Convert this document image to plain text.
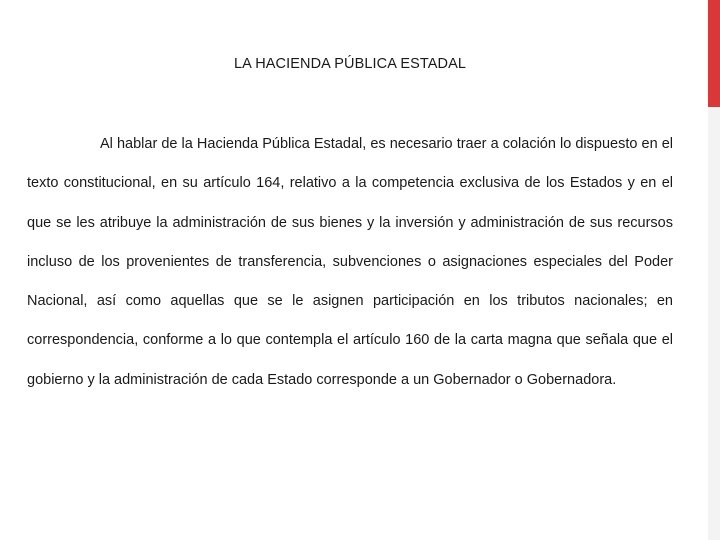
LA HACIENDA PÚBLICA ESTADAL

Al hablar de la Hacienda Pública Estadal, es necesario traer a colación lo dispuesto en el texto constitucional, en su artículo 164, relativo a la competencia exclusiva de los Estados y en el que se les atribuye la administración de sus bienes y la inversión y administración de sus recursos incluso de los provenientes de transferencia, subvenciones o asignaciones especiales del Poder Nacional, así como aquellas que se le asignen participación en los tributos nacionales; en correspondencia, conforme a lo que contempla el artículo 160 de la carta magna que señala que el gobierno y la administración de cada Estado corresponde a un Gobernador o Gobernadora.
